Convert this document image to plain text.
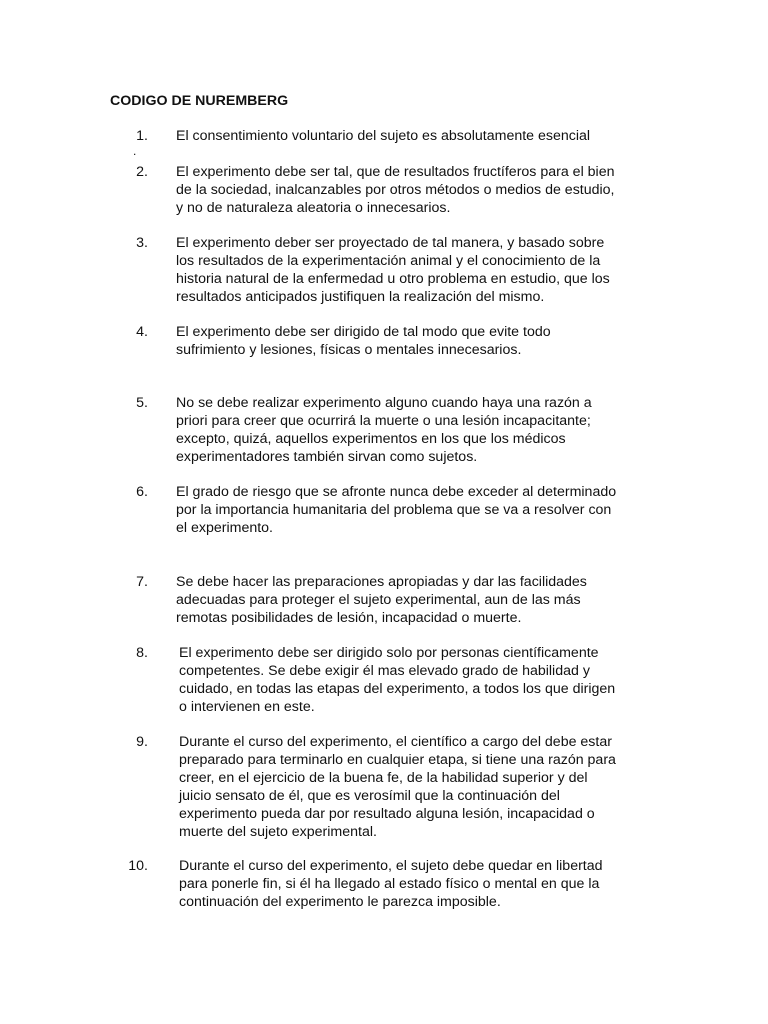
CODIGO DE NUREMBERG
.
1. El consentimiento voluntario del sujeto es absolutamente esencial
2. El experimento debe ser tal, que de resultados fructíferos para el bien
de la sociedad, inalcanzables por otros métodos o medios de estudio,
y no de naturaleza aleatoria o innecesarios.
3. El experimento deber ser proyectado de tal manera, y basado sobre
los resultados de la experimentación animal y el conocimiento de la
historia natural de la enfermedad u otro problema en estudio, que los
resultados anticipados justifiquen la realización del mismo.
4. El experimento debe ser dirigido de tal modo que evite todo
sufrimiento y lesiones, físicas o mentales innecesarios.
5. No se debe realizar experimento alguno cuando haya una razón a
priori para creer que ocurrirá la muerte o una lesión incapacitante;
excepto, quizá, aquellos experimentos en los que los médicos
experimentadores también sirvan como sujetos.
6. El grado de riesgo que se afronte nunca debe exceder al determinado
por la importancia humanitaria del problema que se va a resolver con
el experimento.
7. Se debe hacer las preparaciones apropiadas y dar las facilidades
adecuadas para proteger el sujeto experimental, aun de las más
remotas posibilidades de lesión, incapacidad o muerte.
8. El experimento debe ser dirigido solo por personas científicamente
competentes. Se debe exigir él mas elevado grado de habilidad y
cuidado, en todas las etapas del experimento, a todos los que dirigen
o intervienen en este.
9. Durante el curso del experimento, el científico a cargo del debe estar
preparado para terminarlo en cualquier etapa, si tiene una razón para
creer, en el ejercicio de la buena fe, de la habilidad superior y del
juicio sensato de él, que es verosímil que la continuación del
experimento pueda dar por resultado alguna lesión, incapacidad o
muerte del sujeto experimental.
10. Durante el curso del experimento, el sujeto debe quedar en libertad
para ponerle fin, si él ha llegado al estado físico o mental en que la
continuación del experimento le parezca imposible.
